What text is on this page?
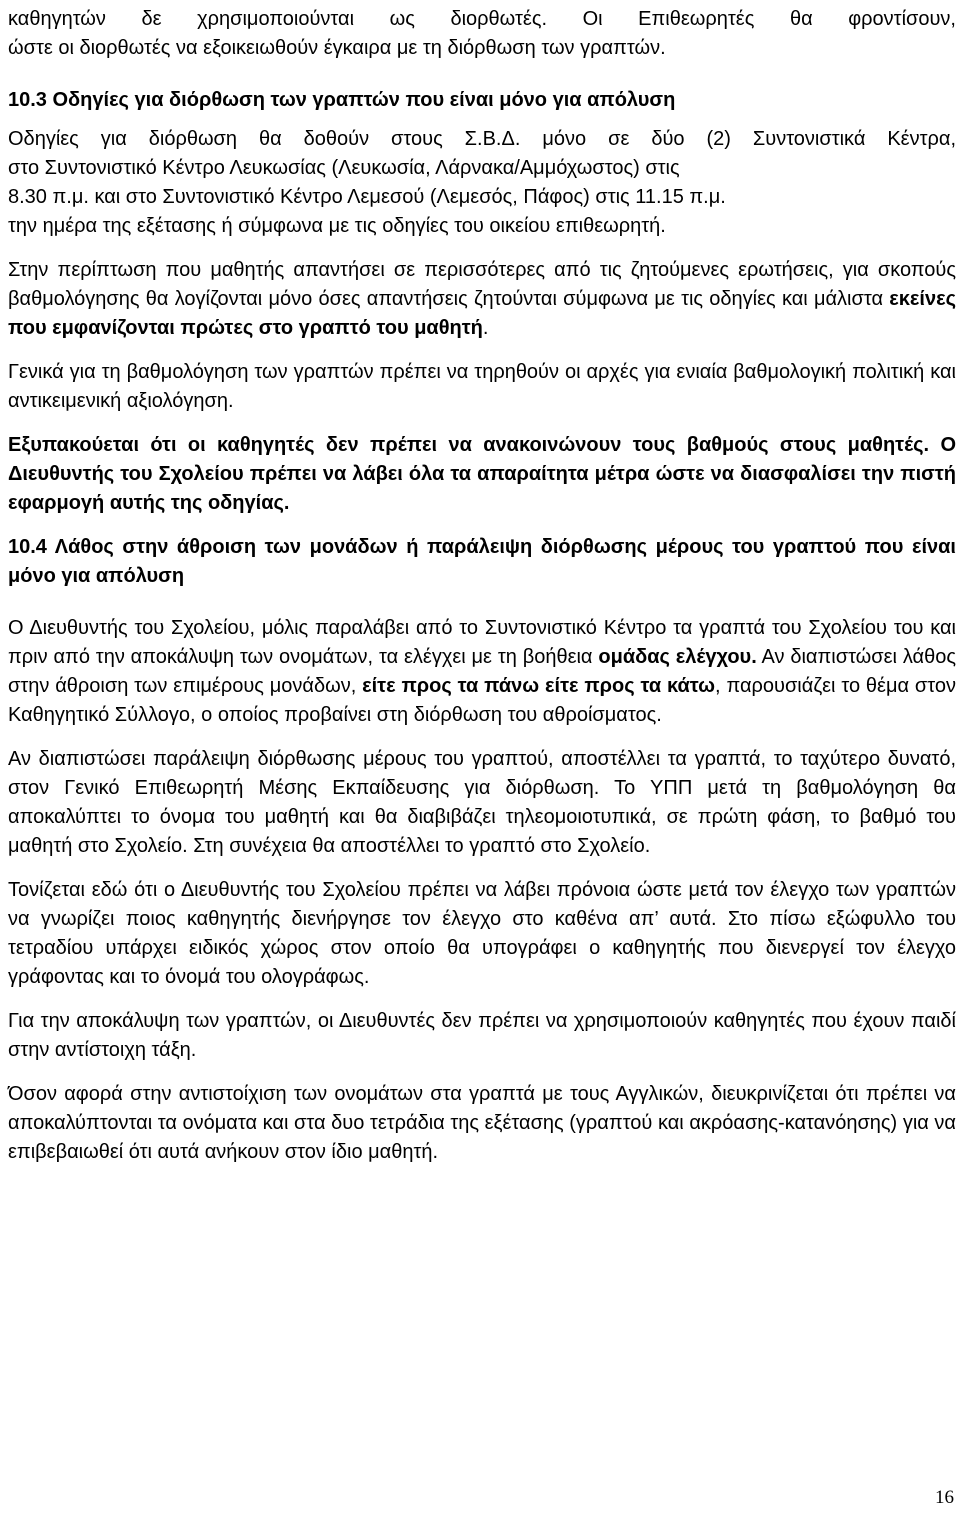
καθηγητών δε χρησιμοποιούνται ως διορθωτές. Οι Επιθεωρητές θα φροντίσουν,

ώστε οι διορθωτές να εξοικειωθούν έγκαιρα με τη διόρθωση των γραπτών.

10.3 Οδηγίες για διόρθωση των γραπτών που είναι μόνο για απόλυση

Οδηγίες για διόρθωση θα δοθούν στους Σ.Β.Δ. μόνο σε δύο (2) Συντονιστικά Κέντρα,

στο Συντονιστικό Κέντρο Λευκωσίας (Λευκωσία, Λάρνακα/Αμμόχωστος) στις

8.30 π.μ. και στο Συντονιστικό Κέντρο Λεμεσού (Λεμεσός, Πάφος) στις 11.15 π.μ.

την ημέρα της εξέτασης ή σύμφωνα με τις οδηγίες του οικείου επιθεωρητή.

Στην περίπτωση που μαθητής απαντήσει σε περισσότερες από τις ζητούμενες ερωτήσεις, για σκοπούς βαθμολόγησης θα λογίζονται μόνο όσες απαντήσεις ζητούνται σύμφωνα με τις οδηγίες και μάλιστα εκείνες που εμφανίζονται πρώτες στο γραπτό του μαθητή.

Γενικά για τη βαθμολόγηση των γραπτών πρέπει να τηρηθούν οι αρχές για ενιαία βαθμολογική πολιτική και αντικειμενική αξιολόγηση.

Εξυπακούεται ότι οι καθηγητές δεν πρέπει να ανακοινώνουν τους βαθμούς στους μαθητές. Ο Διευθυντής του Σχολείου πρέπει να λάβει όλα τα απαραίτητα μέτρα ώστε να διασφαλίσει την πιστή εφαρμογή αυτής της οδηγίας.

10.4 Λάθος στην άθροιση των μονάδων ή παράλειψη διόρθωσης μέρους του γραπτού που είναι μόνο για απόλυση

Ο Διευθυντής του Σχολείου, μόλις παραλάβει από το Συντονιστικό Κέντρο τα γραπτά του Σχολείου του και πριν από την αποκάλυψη των ονομάτων, τα ελέγχει με τη βοήθεια ομάδας ελέγχου. Αν διαπιστώσει λάθος στην άθροιση των επιμέρους μονάδων, είτε προς τα πάνω είτε προς τα κάτω, παρουσιάζει το θέμα στον Καθηγητικό Σύλλογο, ο οποίος προβαίνει στη διόρθωση του αθροίσματος.

Αν διαπιστώσει παράλειψη διόρθωσης μέρους του γραπτού, αποστέλλει τα γραπτά, το ταχύτερο δυνατό, στον Γενικό Επιθεωρητή Μέσης Εκπαίδευσης για διόρθωση. Το ΥΠΠ μετά τη βαθμολόγηση θα αποκαλύπτει το όνομα του μαθητή και θα διαβιβάζει τηλεομοιοτυπικά, σε πρώτη φάση, το βαθμό του μαθητή στο Σχολείο. Στη συνέχεια θα αποστέλλει το γραπτό στο Σχολείο.

Τονίζεται εδώ ότι ο Διευθυντής του Σχολείου πρέπει να λάβει πρόνοια ώστε μετά τον έλεγχο των γραπτών να γνωρίζει ποιος καθηγητής διενήργησε τον έλεγχο στο καθένα απ’ αυτά. Στο πίσω εξώφυλλο του τετραδίου υπάρχει ειδικός χώρος στον οποίο θα υπογράφει ο καθηγητής που διενεργεί τον έλεγχο γράφοντας και το όνομά του ολογράφως.

Για την αποκάλυψη των γραπτών, οι Διευθυντές δεν πρέπει να χρησιμοποιούν καθηγητές που έχουν παιδί στην αντίστοιχη τάξη.

Όσον αφορά στην αντιστοίχιση των ονομάτων στα γραπτά με τους Αγγλικών, διευκρινίζεται ότι πρέπει να αποκαλύπτονται τα ονόματα και στα δυο τετράδια της εξέτασης (γραπτού και ακρόασης-κατανόησης) για να επιβεβαιωθεί ότι αυτά ανήκουν στον ίδιο μαθητή.

16
